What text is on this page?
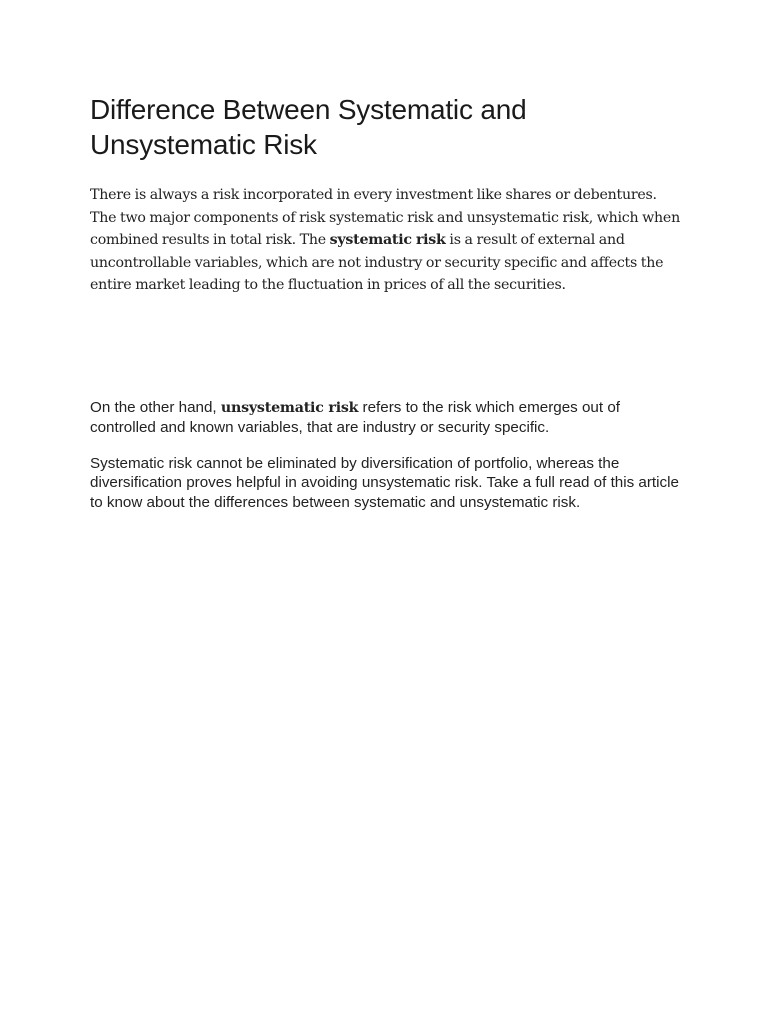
Difference Between Systematic and Unsystematic Risk

There is always a risk incorporated in every investment like shares or debentures. The two major components of risk systematic risk and unsystematic risk, which when combined results in total risk. The systematic risk is a result of external and uncontrollable variables, which are not industry or security specific and affects the entire market leading to the fluctuation in prices of all the securities.

On the other hand, unsystematic risk refers to the risk which emerges out of controlled and known variables, that are industry or security specific.

Systematic risk cannot be eliminated by diversification of portfolio, whereas the diversification proves helpful in avoiding unsystematic risk. Take a full read of this article to know about the differences between systematic and unsystematic risk.
